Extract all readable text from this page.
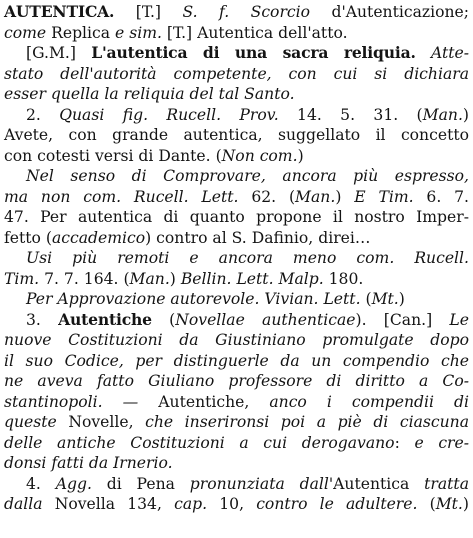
AUTENTICA. [T.] S. f. Scorcio d'Autenticazione;
come Replica e sim. [T.] Autentica dell'atto.
[G.M.] L'autentica di una sacra reliquia. Atte-
stato dell'autorità competente, con cui si dichiara
esser quella la reliquia del tal Santo.
2. Quasi fig. Rucell. Prov. 14. 5. 31. (Man.)
Avete, con grande autentica, suggellato il concetto
con cotesti versi di Dante. (Non com.)
Nel senso di Comprovare, ancora più espresso,
ma non com. Rucell. Lett. 62. (Man.) E Tim. 6. 7.
47. Per autentica di quanto propone il nostro Imper-
fetto (accademico) contro al S. Dafinio, direi…
Usi più remoti e ancora meno com. Rucell.
Tim. 7. 7. 164. (Man.) Bellin. Lett. Malp. 180.
Per Approvazione autorevole. Vivian. Lett. (Mt.)
3. Autentiche (Novellae authenticae). [Can.] Le
nuove Costituzioni da Giustiniano promulgate dopo
il suo Codice, per distinguerle da un compendio che
ne aveva fatto Giuliano professore di diritto a Co-
stantinopoli. — Autentiche, anco i compendii di
queste Novelle, che inserironsi poi a piè di ciascuna
delle antiche Costituzioni a cui derogavano: e cre-
donsi fatti da Irnerio.
4. Agg. di Pena pronunziata dall'Autentica tratta
dalla Novella 134, cap. 10, contro le adultere. (Mt.)
